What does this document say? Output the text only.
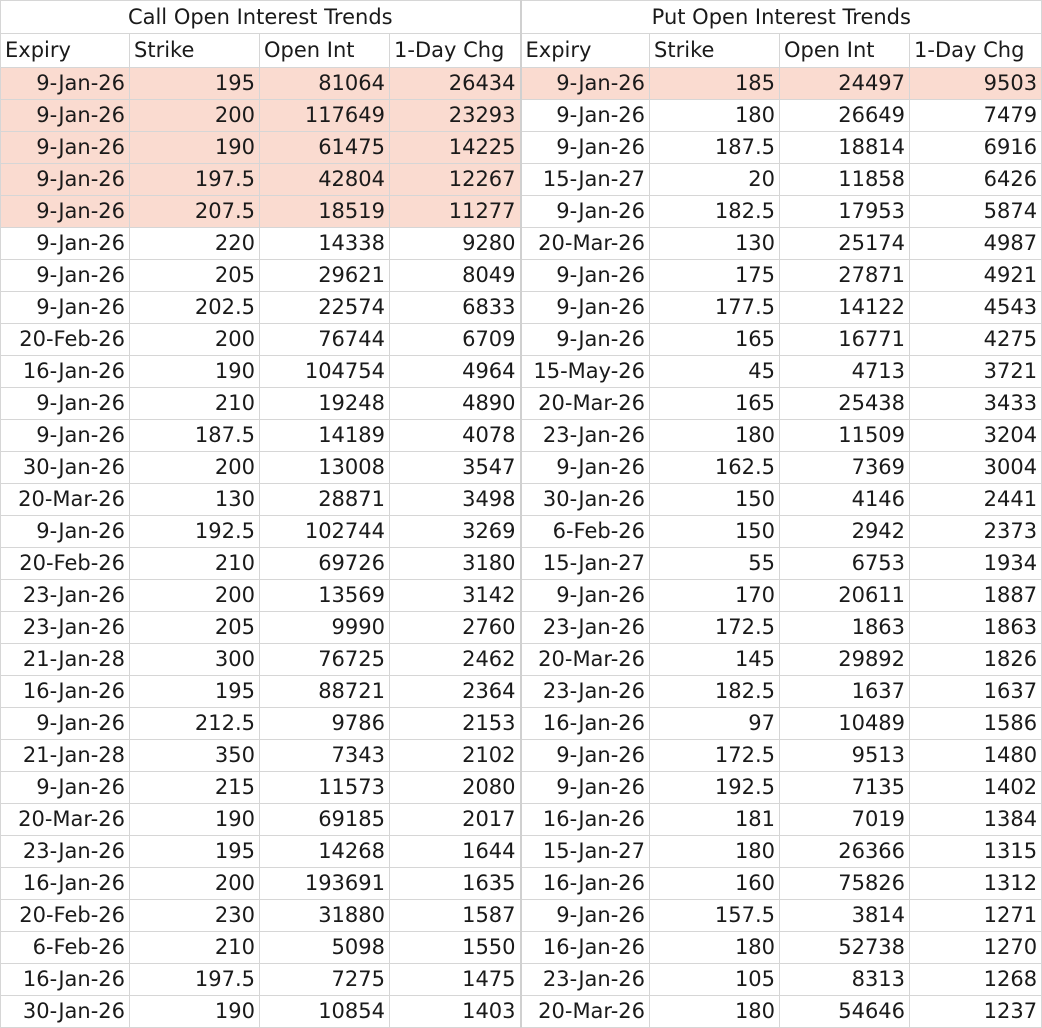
Call Open Interest Trends				Put Open Interest Trends			
Expiry	Strike	Open Int	1-Day Chg	Expiry	Strike	Open Int	1-Day Chg
9-Jan-26	195	81064	26434	9-Jan-26	185	24497	9503
9-Jan-26	200	117649	23293	9-Jan-26	180	26649	7479
9-Jan-26	190	61475	14225	9-Jan-26	187.5	18814	6916
9-Jan-26	197.5	42804	12267	15-Jan-27	20	11858	6426
9-Jan-26	207.5	18519	11277	9-Jan-26	182.5	17953	5874
9-Jan-26	220	14338	9280	20-Mar-26	130	25174	4987
9-Jan-26	205	29621	8049	9-Jan-26	175	27871	4921
9-Jan-26	202.5	22574	6833	9-Jan-26	177.5	14122	4543
20-Feb-26	200	76744	6709	9-Jan-26	165	16771	4275
16-Jan-26	190	104754	4964	15-May-26	45	4713	3721
9-Jan-26	210	19248	4890	20-Mar-26	165	25438	3433
9-Jan-26	187.5	14189	4078	23-Jan-26	180	11509	3204
30-Jan-26	200	13008	3547	9-Jan-26	162.5	7369	3004
20-Mar-26	130	28871	3498	30-Jan-26	150	4146	2441
9-Jan-26	192.5	102744	3269	6-Feb-26	150	2942	2373
20-Feb-26	210	69726	3180	15-Jan-27	55	6753	1934
23-Jan-26	200	13569	3142	9-Jan-26	170	20611	1887
23-Jan-26	205	9990	2760	23-Jan-26	172.5	1863	1863
21-Jan-28	300	76725	2462	20-Mar-26	145	29892	1826
16-Jan-26	195	88721	2364	23-Jan-26	182.5	1637	1637
9-Jan-26	212.5	9786	2153	16-Jan-26	97	10489	1586
21-Jan-28	350	7343	2102	9-Jan-26	172.5	9513	1480
9-Jan-26	215	11573	2080	9-Jan-26	192.5	7135	1402
20-Mar-26	190	69185	2017	16-Jan-26	181	7019	1384
23-Jan-26	195	14268	1644	15-Jan-27	180	26366	1315
16-Jan-26	200	193691	1635	16-Jan-26	160	75826	1312
20-Feb-26	230	31880	1587	9-Jan-26	157.5	3814	1271
6-Feb-26	210	5098	1550	16-Jan-26	180	52738	1270
16-Jan-26	197.5	7275	1475	23-Jan-26	105	8313	1268
30-Jan-26	190	10854	1403	20-Mar-26	180	54646	1237
